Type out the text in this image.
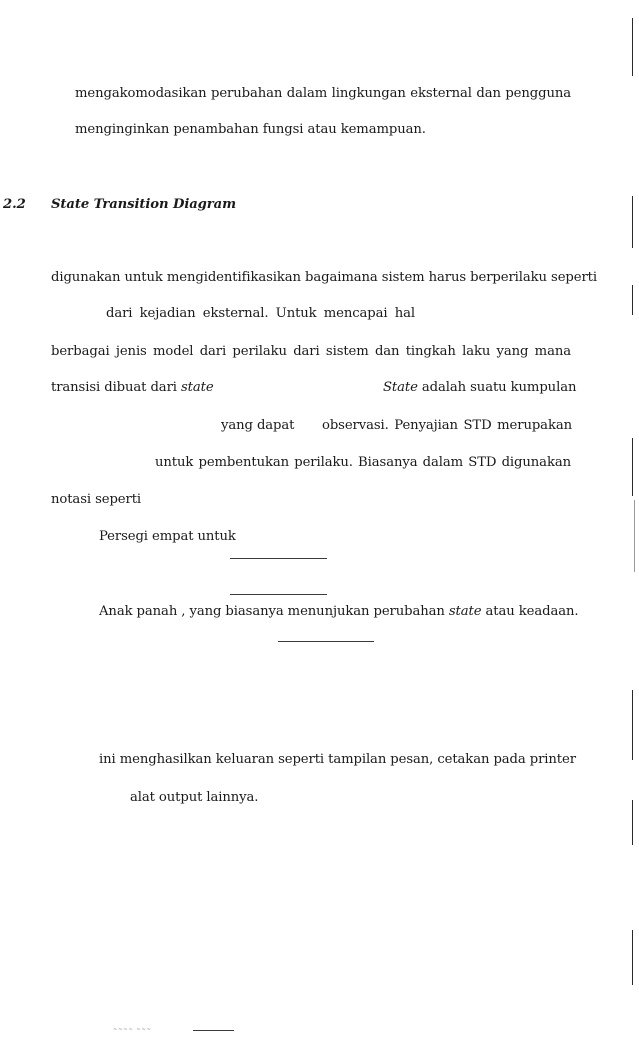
mengakomodasikan perubahan dalam lingkungan eksternal dan pengguna
menginginkan penambahan fungsi atau kemampuan.
2.2 State Transition Diagram
digunakan untuk mengidentifikasikan bagaimana sistem harus berperilaku seperti
dari kejadian eksternal. Untuk mencapai hal
berbagai jenis model dari perilaku dari sistem dan tingkah laku yang mana
transisi dibuat dari state	State adalah suatu kumpulan
yang dapat observasi. Penyajian STD merupakan
untuk pembentukan perilaku. Biasanya dalam STD digunakan
notasi seperti
Persegi empat untuk
Anak panah , yang biasanya menunjukan perubahan state atau keadaan.
ini menghasilkan keluaran seperti tampilan pesan, cetakan pada printer
alat output lainnya.
~~~~ ~~~
